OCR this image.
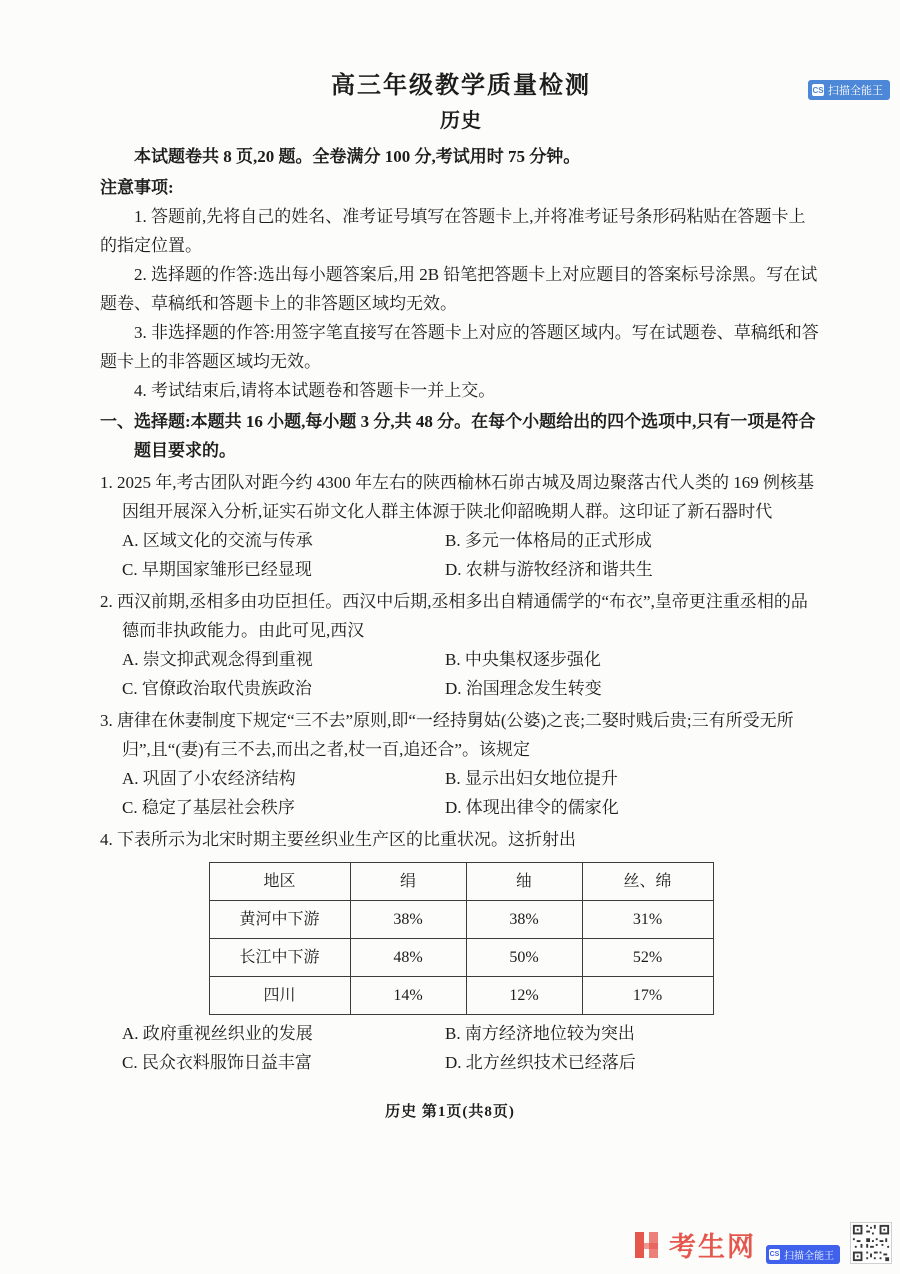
CS 扫描全能王
高三年级教学质量检测
历史

本试题卷共 8 页,20 题。全卷满分 100 分,考试用时 75 分钟。

注意事项:

1. 答题前,先将自己的姓名、准考证号填写在答题卡上,并将准考证号条形码粘贴在答题卡上的指定位置。

2. 选择题的作答:选出每小题答案后,用 2B 铅笔把答题卡上对应题目的答案标号涂黑。写在试题卷、草稿纸和答题卡上的非答题区域均无效。

3. 非选择题的作答:用签字笔直接写在答题卡上对应的答题区域内。写在试题卷、草稿纸和答题卡上的非答题区域均无效。

4. 考试结束后,请将本试题卷和答题卡一并上交。

一、选择题:本题共 16 小题,每小题 3 分,共 48 分。在每个小题给出的四个选项中,只有一项是符合题目要求的。

1. 2025 年,考古团队对距今约 4300 年左右的陕西榆林石峁古城及周边聚落古代人类的 169 例核基因组开展深入分析,证实石峁文化人群主体源于陕北仰韶晚期人群。这印证了新石器时代

A. 区域文化的交流与传承	B. 多元一体格局的正式形成
C. 早期国家雏形已经显现	D. 农耕与游牧经济和谐共生

2. 西汉前期,丞相多由功臣担任。西汉中后期,丞相多出自精通儒学的“布衣”,皇帝更注重丞相的品德而非执政能力。由此可见,西汉

A. 崇文抑武观念得到重视	B. 中央集权逐步强化
C. 官僚政治取代贵族政治	D. 治国理念发生转变

3. 唐律在休妻制度下规定“三不去”原则,即“一经持舅姑(公婆)之丧;二娶时贱后贵;三有所受无所归”,且“(妻)有三不去,而出之者,杖一百,追还合”。该规定

A. 巩固了小农经济结构	B. 显示出妇女地位提升
C. 稳定了基层社会秩序	D. 体现出律令的儒家化

4. 下表所示为北宋时期主要丝织业生产区的比重状况。这折射出

地区	绢	䌷	丝、绵
黄河中下游	38%	38%	31%
长江中下游	48%	50%	52%
四川	14%	12%	17%
A. 政府重视丝织业的发展	B. 南方经济地位较为突出
C. 民众衣料服饰日益丰富	D. 北方丝织技术已经落后
历史 第1页(共8页)
考生网 CS 扫描全能王
